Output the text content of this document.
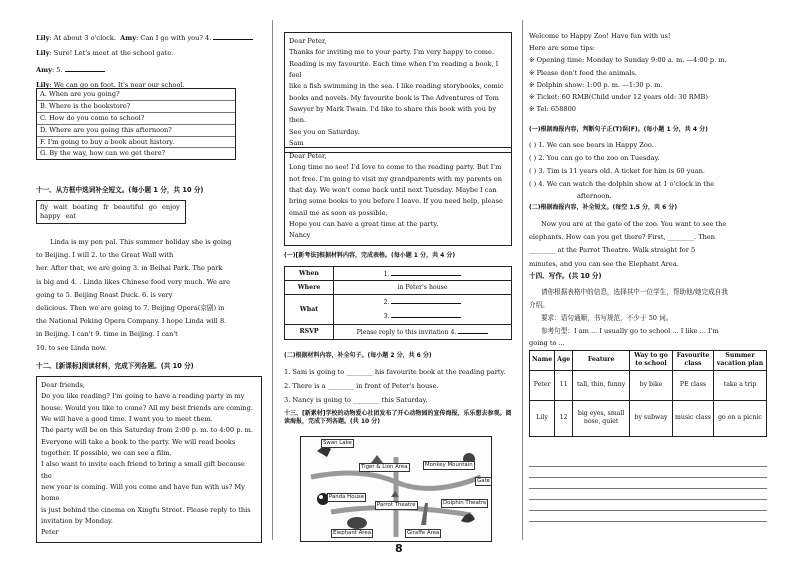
Lily: At about 3 o'clock. Amy: Can I go with you? 4.

Lily: Sure! Let's meet at the school gate.

Amy: 5.

Lily: We can go on foot. It's near our school.

A. When are you going?
B. Where is the bookstore?
C. How do you come to school?
D. Where are you going this afternoon?
F. I'm going to buy a book about history.
G. By the way, how can we get there?
十一、从方框中选词补全短文。(每小题 1 分，共 10 分)
fly wait boating fr beautiful go enjoy happy eat

Linda is my pen pal. This summer holiday she is going

to Beijing. I will 2. to the Great Wall with

her. After that, we are going 3. in Beihai Park. The park

is big and 4. . Linda likes Chinese food very much. We are

going to 5. Beijing Roast Duck. 6. is very

delicious. Then we are going to 7. Beijing Opera(京剧) in

the National Peking Opera Company. I hope Linda will 8.

in Beijing. I can't 9. time in Beijing. I can't

10. to see Linda now.

十二、[新课标]阅读材料，完成下列各题。(共 10 分)

Dear friends,

Do you like reading? I'm going to have a reading party in my

house. Would you like to come? All my best friends are coming.

We will have a good time. I want you to meet them.

The party will be on this Saturday from 2:00 p. m. to 4:00 p. m.

Everyone will take a book to the party. We will read books

together. If possible, we can see a film.

I also want to invite each friend to bring a small gift because the

new year is coming. Will you come and have fun with us? My home

is just behind the cinema on Xingfu Street. Please reply to this

invitation by Monday.

Peter

Dear Peter,

Thanks for inviting me to your party. I'm very happy to come.

Reading is my favourite. Each time when I'm reading a book, I feel

like a fish swimming in the sea. I like reading storybooks, comic

books and novels. My favourite book is The Adventures of Tom

Sawyer by Mark Twain. I'd like to share this book with you by

then.

See you on Saturday.

Sam

Dear Peter,

Long time no see! I'd love to come to the reading party. But I'm

not free. I'm going to visit my grandparents with my parents on

that day. We won't come back until next Tuesday. Maybe I can

bring some books to you before I leave. If you need help, please

email me as soon as possible.

Hope you can have a great time at the party.

Nancy

(一)[新考法]根据材料内容，完成表格。(每小题 1 分，共 4 分)
When	1.
Where	in Peter's house
What	2.
3.
RSVP	Please reply to this invitation 4.
(二)根据材料内容，补全句子。(每小题 2 分，共 6 分)

1. Sam is going to ________ his favourite book at the reading party.

2. There is a ________ in front of Peter's house.

3. Nancy is going to ________ this Saturday.

十三、[新素材]学校的动物爱心社团发布了开心动物园的宣传海报，乐乐想去参观。阅读海报，完成下列各题。(共 10 分)
Swan Lake
Tiger & Lion Area	Monkey Mountain
Panda House
Parrot Theatre	Dolphin Theatre
Elephant Area	Giraffe Area
Gate

Welcome to Happy Zoo! Have fun with us!

Here are some tips:

※ Opening time: Monday to Sunday 9:00 a. m. —4:00 p. m.

※ Please don't feed the animals.

※ Dolphin show: 1:00 p. m. —1:30 p. m.

※ Ticket: 60 RMB(Child under 12 years old: 30 RMB)

※ Tel: 658800

(一)根据海报内容，判断句子正(T)误(F)。(每小题 1 分，共 4 分)

( ) 1. We can see bears in Happy Zoo.

( ) 2. You can go to the zoo on Tuesday.

( ) 3. Tim is 11 years old. A ticket for him is 60 yuan.

( ) 4. We can watch the dolphin show at 1 o'clock in the

afternoon.

(二)根据海报内容，补全短文。(每空 1.5 分，共 6 分)

Now you are at the gate of the zoo. You want to see the

elephants. How can you get there? First, ________. Then

________ at the Parrot Theatre. Walk straight for 5

minutes, and you can see the Elephant Area.

十四、写作。(共 10 分)

请你根据表格中的信息，选择其中一位学生，帮助他/她完成自我

介绍。

要求：语句通顺，书写规范，不少于 50 词。

参考句型：I am ... I usually go to school ... I like ... I'm

going to ...

Name	Age	Feature	Way to go to school	Favourite class	Summer vacation plan
Peter	11	tall, thin, funny	by bike	PE class	take a trip
Lily	12	big eyes, small nose, quiet	by subway	music class	go on a picnic
8
